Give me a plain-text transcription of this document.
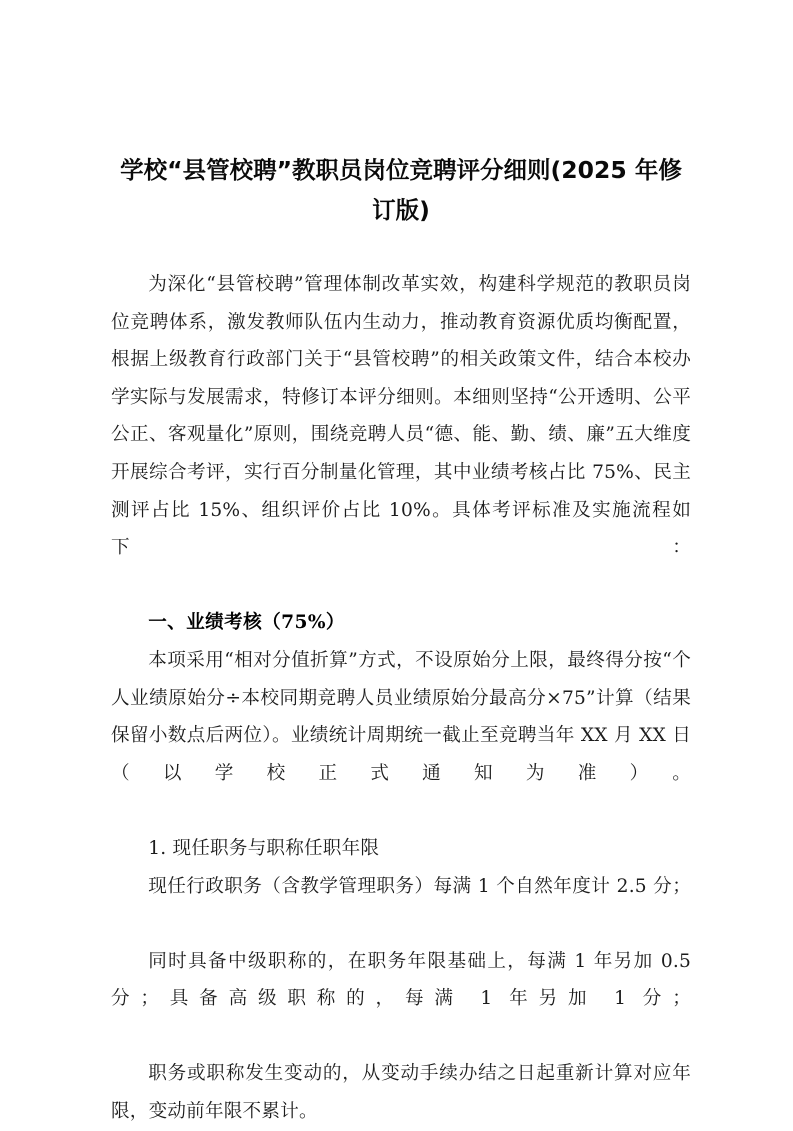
学校“县管校聘”教职员岗位竞聘评分细则(2025 年修订版)

为深化“县管校聘”管理体制改革实效，构建科学规范的教职员岗位竞聘体系，激发教师队伍内生动力，推动教育资源优质均衡配置，根据上级教育行政部门关于“县管校聘”的相关政策文件，结合本校办学实际与发展需求，特修订本评分细则。本细则坚持“公开透明、公平公正、客观量化”原则，围绕竞聘人员“德、能、勤、绩、廉”五大维度开展综合考评，实行百分制量化管理，其中业绩考核占比 75%、民主测评占比 15%、组织评价占比 10%。具体考评标准及实施流程如下：

一、业绩考核（75%）

本项采用“相对分值折算”方式，不设原始分上限，最终得分按“个人业绩原始分÷本校同期竞聘人员业绩原始分最高分×75”计算（结果保留小数点后两位）。业绩统计周期统一截止至竞聘当年 XX 月 XX 日（以学校正式通知为准）。

1. 现任职务与职称任职年限

现任行政职务（含教学管理职务）每满 1 个自然年度计 2.5 分；

同时具备中级职称的，在职务年限基础上，每满 1 年另加 0.5 分；具备高级职称的，每满 1 年另加 1 分；

职务或职称发生变动的，从变动手续办结之日起重新计算对应年限，变动前年限不累计。
